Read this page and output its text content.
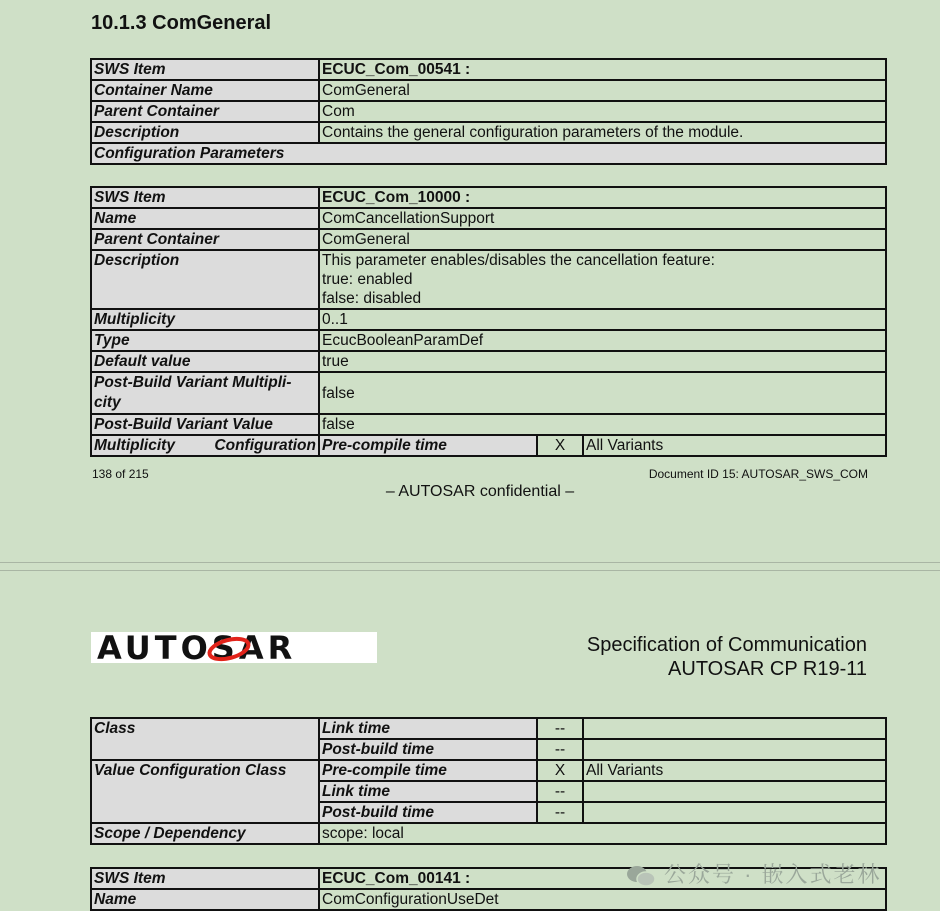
10.1.3 ComGeneral
SWS Item	ECUC_Com_00541 :
Container Name	ComGeneral
Parent Container	Com
Description	Contains the general configuration parameters of the module.
Configuration Parameters	
SWS Item	ECUC_Com_10000 :		
Name	ComCancellationSupport		
Parent Container	ComGeneral		
Description	This parameter enables/disables the cancellation feature:
true: enabled
false: disabled		

Multiplicity	0..1		
Type	EcucBooleanParamDef		
Default value	true		
Post-Build Variant Multipli-city	false		
Post-Build Variant Value	false		
Multiplicity Configuration	Pre-compile time	X	All Variants
138 of 215	Document ID 15: AUTOSAR_SWS_COM
– AUTOSAR confidential –
AUTOSAR	Specification of Communication
AUTOSAR CP R19-11
Class	Link time	--	
	Post-build time	--	
Value Configuration Class	Pre-compile time	X	All Variants
	Link time	--	
	Post-build time	--	
Scope / Dependency	scope: local		
SWS Item	ECUC_Com_00141 :
Name	ComConfigurationUseDet
公众号 · 嵌入式老林
